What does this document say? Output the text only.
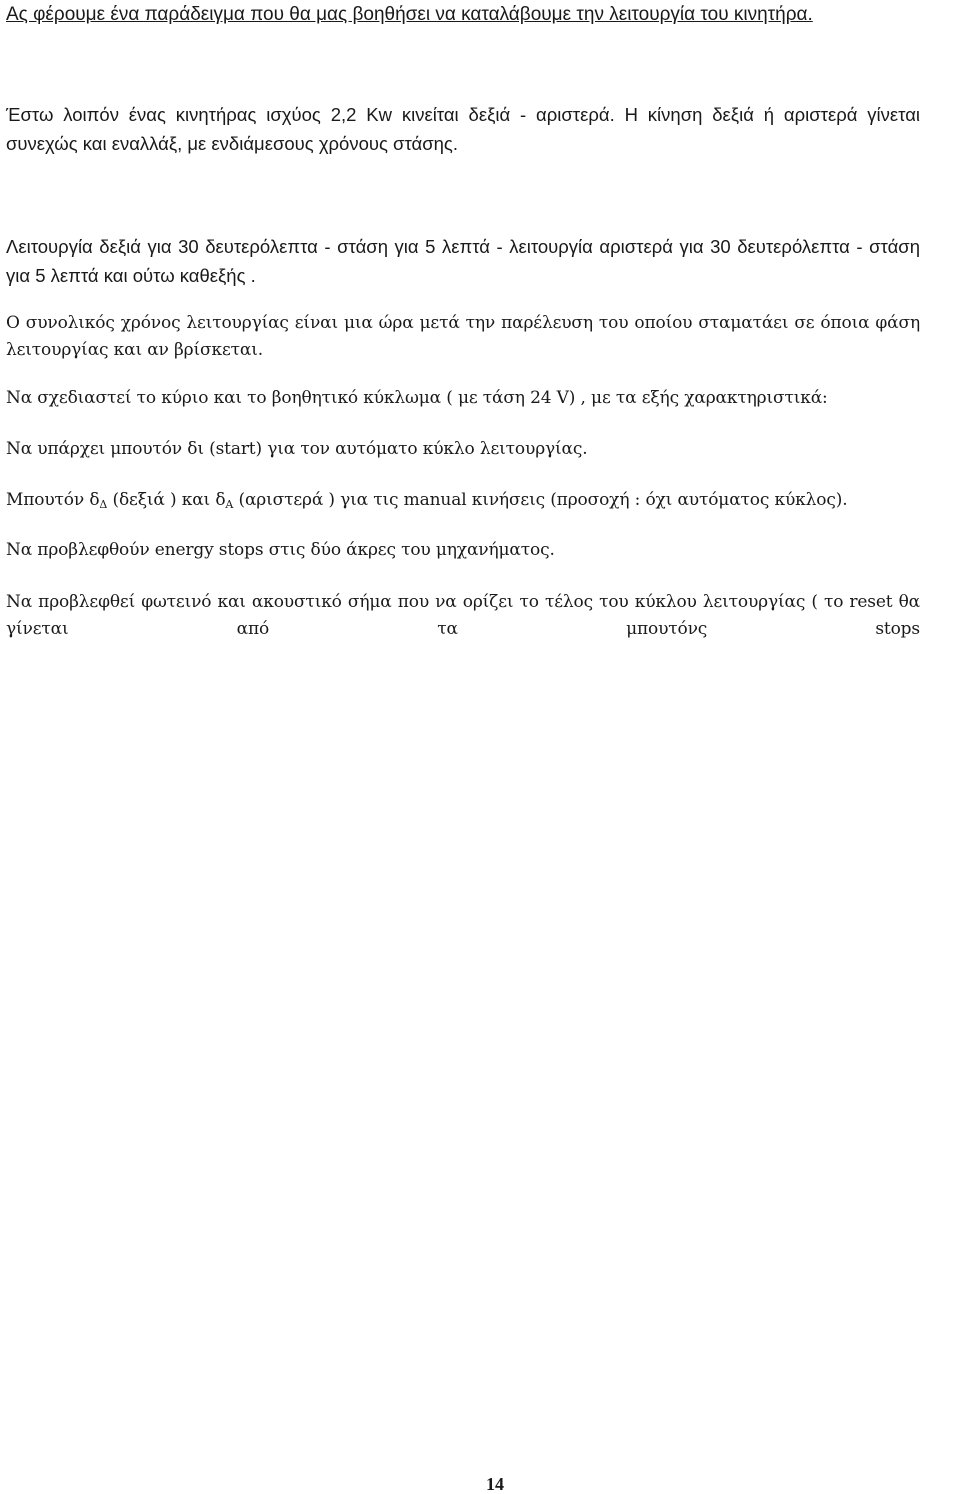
Ας φέρουμε ένα παράδειγμα που θα μας βοηθήσει να καταλάβουμε την λειτουργία του κινητήρα.

Έστω λοιπόν ένας κινητήρας ισχύος 2,2 Kw κινείται δεξιά - αριστερά. Η κίνηση δεξιά ή αριστερά γίνεται συνεχώς και εναλλάξ, με ενδιάμεσους χρόνους στάσης.

Λειτουργία δεξιά για 30 δευτερόλεπτα - στάση για 5 λεπτά - λειτουργία αριστερά για 30 δευτερόλεπτα - στάση για 5 λεπτά και ούτω καθεξής .

Ο συνολικός χρόνος λειτουργίας είναι μια ώρα μετά την παρέλευση του οποίου σταματάει σε όποια φάση λειτουργίας και αν βρίσκεται.

Να σχεδιαστεί το κύριο και το βοηθητικό κύκλωμα ( με τάση 24 V) , με τα εξής χαρακτηριστικά:

Να υπάρχει μπουτόν δι (start) για τον αυτόματο κύκλο λειτουργίας.

Μπουτόν $\delta_\Delta$ (δεξιά ) και $\delta_A$ (αριστερά ) για τις manual κινήσεις (προσοχή : όχι αυτόματος κύκλος).

Να προβλεφθούν energy stops στις δύο άκρες του μηχανήματος.

Να προβλεφθεί φωτεινό και ακουστικό σήμα που να ορίζει το τέλος του κύκλου λειτουργίας ( το reset θα γίνεται από τα μπουτόνς stops

14
